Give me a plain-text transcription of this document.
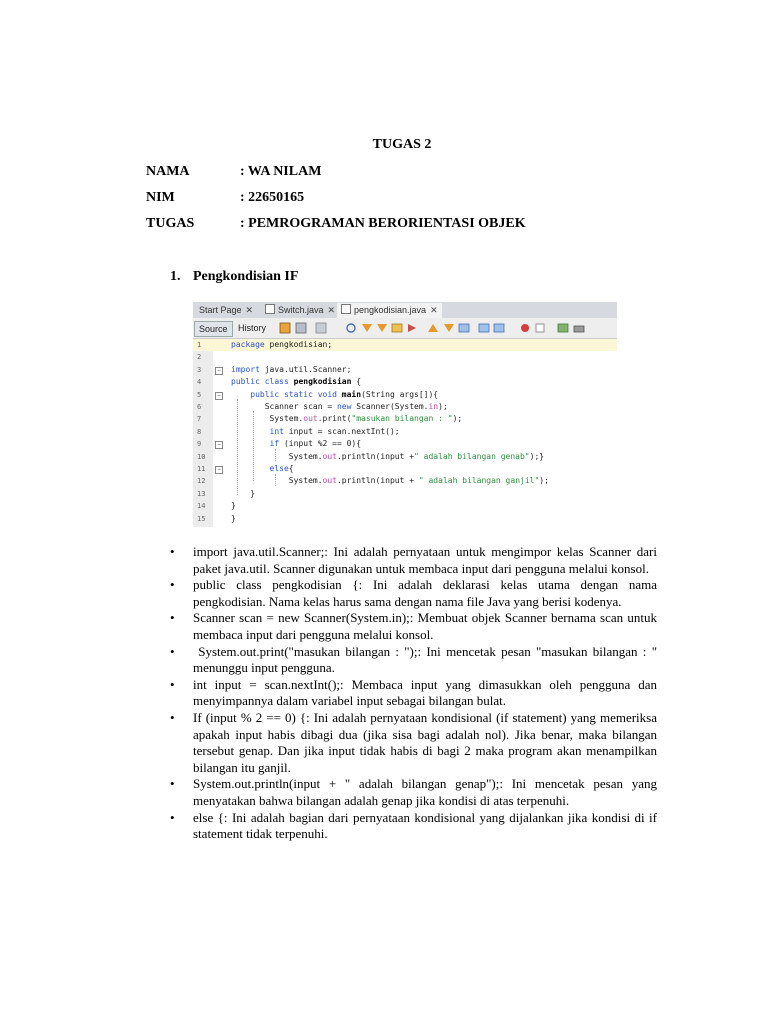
TUGAS 2
NAMA	: WA NILAM
NIM	: 22650165
TUGAS	: PEMROGRAMAN BERORIENTASI OBJEK
1. Pengkondisian IF
Start Page ✕	Switch.java ✕	pengkodisian.java ✕
Source	History
1	package pengkodisian;
2
3	− import java.util.Scanner;
4	public class pengkodisian {
5	−	public static void main(String args[]){
6	Scanner scan = new Scanner(System.in);
7	System.out.print("masukan bilangan : ");
8	int input = scan.nextInt();
9	−	if (input %2 == 0){
10	System.out.println(input +" adalah bilangan genab");}
11	−	else{
12	System.out.println(input + " adalah bilangan ganjil");
13	}
14	}
15	}
• import java.util.Scanner;: Ini adalah pernyataan untuk mengimpor kelas Scanner dari paket java.util. Scanner digunakan untuk membaca input dari pengguna melalui konsol.
• public class pengkodisian {: Ini adalah deklarasi kelas utama dengan nama pengkodisian. Nama kelas harus sama dengan nama file Java yang berisi kodenya.
• Scanner scan = new Scanner(System.in);: Membuat objek Scanner bernama scan untuk membaca input dari pengguna melalui konsol.
•  System.out.print("masukan bilangan : ");: Ini mencetak pesan "masukan bilangan : " menunggu input pengguna.
• int input = scan.nextInt();: Membaca input yang dimasukkan oleh pengguna dan menyimpannya dalam variabel input sebagai bilangan bulat.
• If (input % 2 == 0) {: Ini adalah pernyataan kondisional (if statement) yang memeriksa apakah input habis dibagi dua (jika sisa bagi adalah nol). Jika benar, maka bilangan tersebut genap. Dan jika input tidak habis di bagi 2 maka program akan menampilkan bilangan itu ganjil.
• System.out.println(input + " adalah bilangan genap");: Ini mencetak pesan yang menyatakan bahwa bilangan adalah genap jika kondisi di atas terpenuhi.
• else {: Ini adalah bagian dari pernyataan kondisional yang dijalankan jika kondisi di if statement tidak terpenuhi.
